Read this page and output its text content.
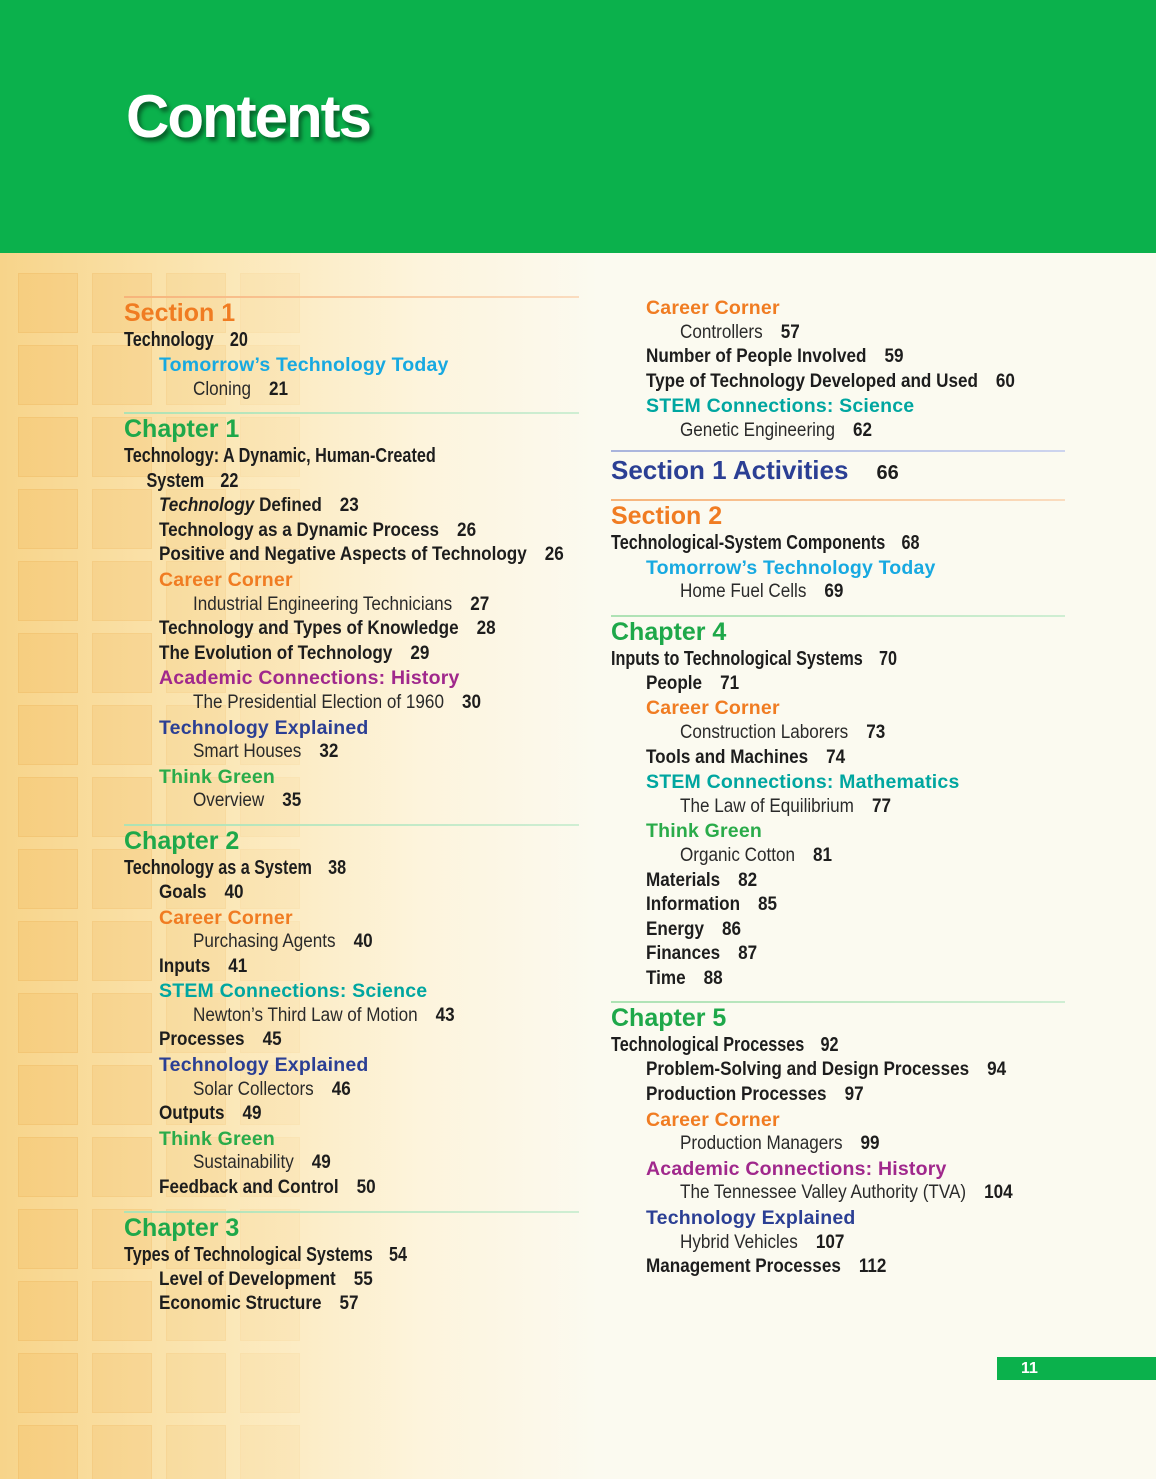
Contents
Section 1
Technology 20
Tomorrow’s Technology Today
Cloning 21
Chapter 1
Technology: A Dynamic, Human-Created
System 22
Technology Defined 23
Technology as a Dynamic Process 26
Positive and Negative Aspects of Technology 26
Career Corner
Industrial Engineering Technicians 27
Technology and Types of Knowledge 28
The Evolution of Technology 29
Academic Connections: History
The Presidential Election of 1960 30
Technology Explained
Smart Houses 32
Think Green
Overview 35
Chapter 2
Technology as a System 38
Goals 40
Career Corner
Purchasing Agents 40
Inputs 41
STEM Connections: Science
Newton’s Third Law of Motion 43
Processes 45
Technology Explained
Solar Collectors 46
Outputs 49
Think Green
Sustainability 49
Feedback and Control 50
Chapter 3
Types of Technological Systems 54
Level of Development 55
Economic Structure 57
Career Corner
Controllers 57
Number of People Involved 59
Type of Technology Developed and Used 60
STEM Connections: Science
Genetic Engineering 62
Section 1 Activities 66
Section 2
Technological-System Components 68
Tomorrow’s Technology Today
Home Fuel Cells 69
Chapter 4
Inputs to Technological Systems 70
People 71
Career Corner
Construction Laborers 73
Tools and Machines 74
STEM Connections: Mathematics
The Law of Equilibrium 77
Think Green
Organic Cotton 81
Materials 82
Information 85
Energy 86
Finances 87
Time 88
Chapter 5
Technological Processes 92
Problem-Solving and Design Processes 94
Production Processes 97
Career Corner
Production Managers 99
Academic Connections: History
The Tennessee Valley Authority (TVA) 104
Technology Explained
Hybrid Vehicles 107
Management Processes 112
11
